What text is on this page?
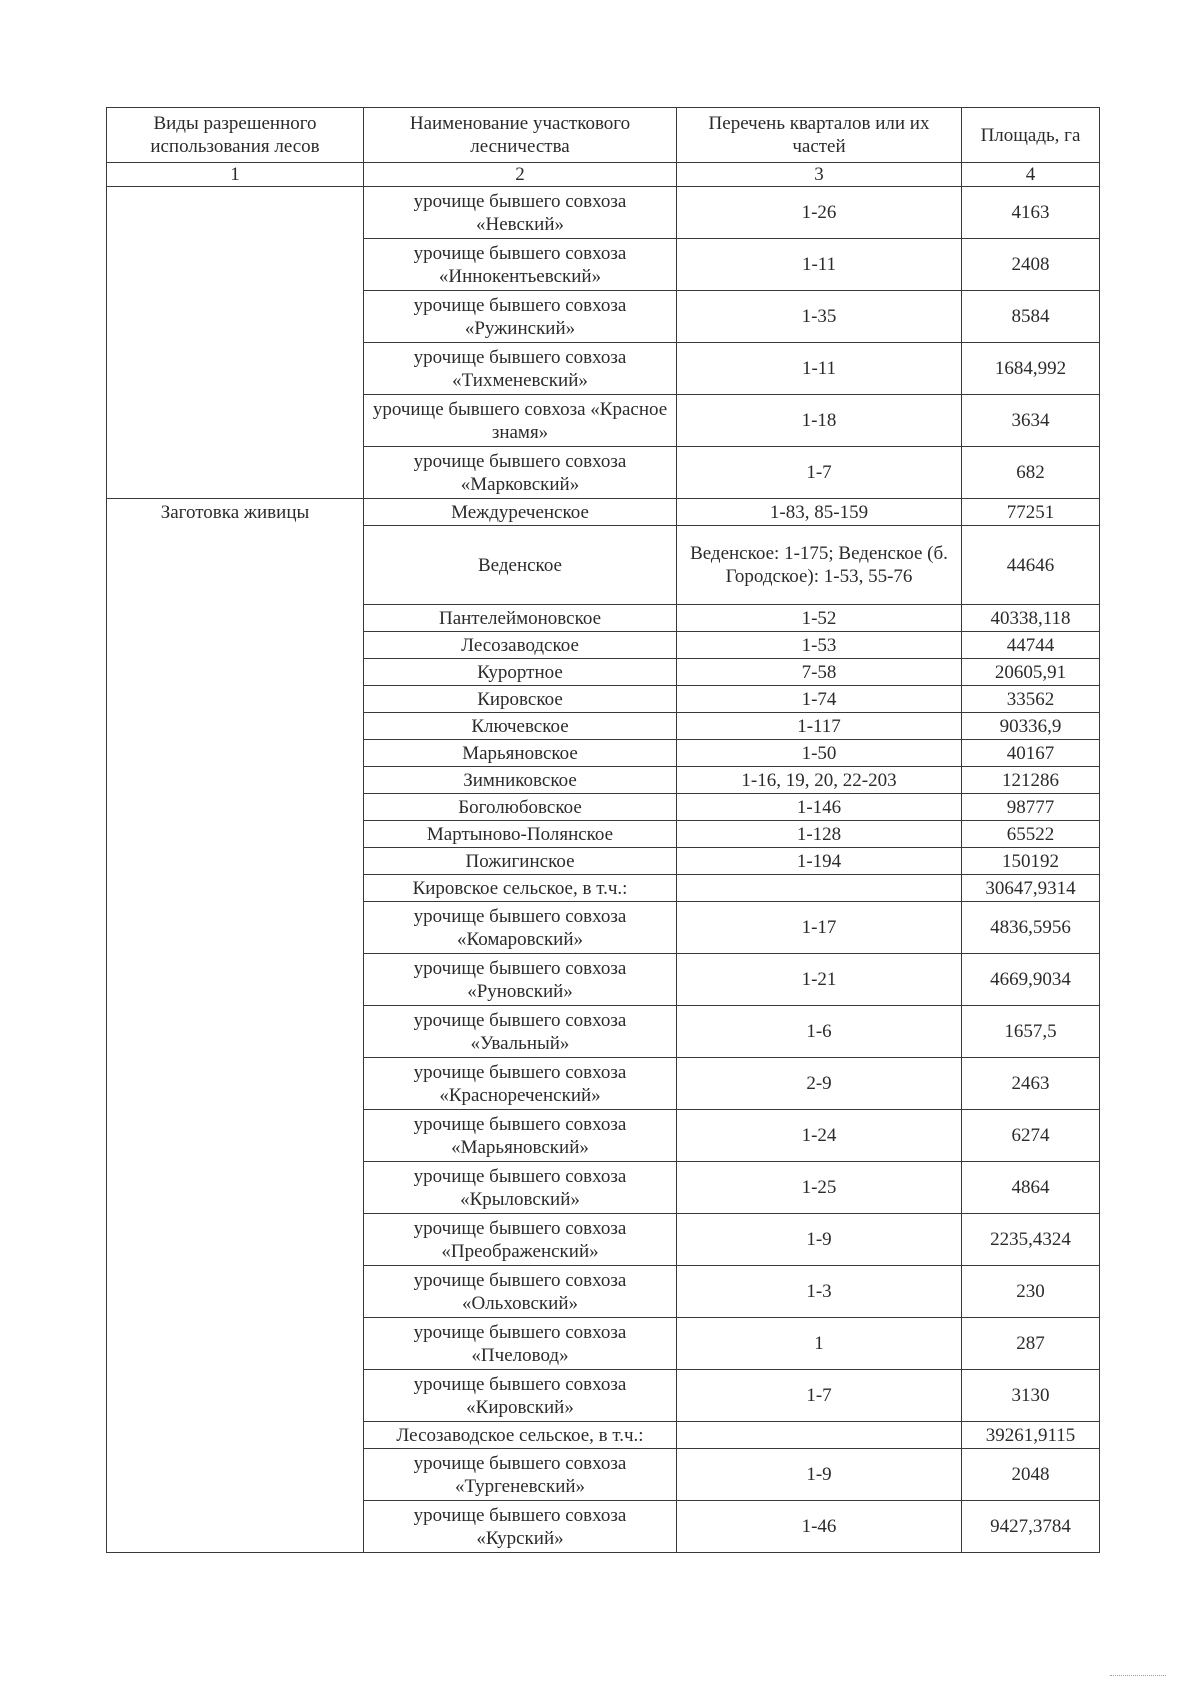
Виды разрешенного использования лесов	Наименование участкового лесничества	Перечень кварталов или их частей	Площадь, га
1	2	3	4
	урочище бывшего совхоза «Невский»	1-26	4163
	урочище бывшего совхоза «Иннокентьевский»	1-11	2408
	урочище бывшего совхоза «Ружинский»	1-35	8584
	урочище бывшего совхоза «Тихменевский»	1-11	1684,992
	урочище бывшего совхоза «Красное знамя»	1-18	3634
	урочище бывшего совхоза «Марковский»	1-7	682
Заготовка живицы	Междуреченское	1-83, 85-159	77251
	Веденское	Веденское: 1-175; Веденское (б. Городское): 1-53, 55-76	44646
	Пантелеймоновское	1-52	40338,118
	Лесозаводское	1-53	44744
	Курортное	7-58	20605,91
	Кировское	1-74	33562
	Ключевское	1-117	90336,9
	Марьяновское	1-50	40167
	Зимниковское	1-16, 19, 20, 22-203	121286
	Боголюбовское	1-146	98777
	Мартыново-Полянское	1-128	65522
	Пожигинское	1-194	150192
	Кировское сельское, в т.ч.:		30647,9314
	урочище бывшего совхоза «Комаровский»	1-17	4836,5956
	урочище бывшего совхоза «Руновский»	1-21	4669,9034
	урочище бывшего совхоза «Увальный»	1-6	1657,5
	урочище бывшего совхоза «Краснореченский»	2-9	2463
	урочище бывшего совхоза «Марьяновский»	1-24	6274
	урочище бывшего совхоза «Крыловский»	1-25	4864
	урочище бывшего совхоза «Преображенский»	1-9	2235,4324
	урочище бывшего совхоза «Ольховский»	1-3	230
	урочище бывшего совхоза «Пчеловод»	1	287
	урочище бывшего совхоза «Кировский»	1-7	3130
	Лесозаводское сельское, в т.ч.:		39261,9115
	урочище бывшего совхоза «Тургеневский»	1-9	2048
	урочище бывшего совхоза «Курский»	1-46	9427,3784
